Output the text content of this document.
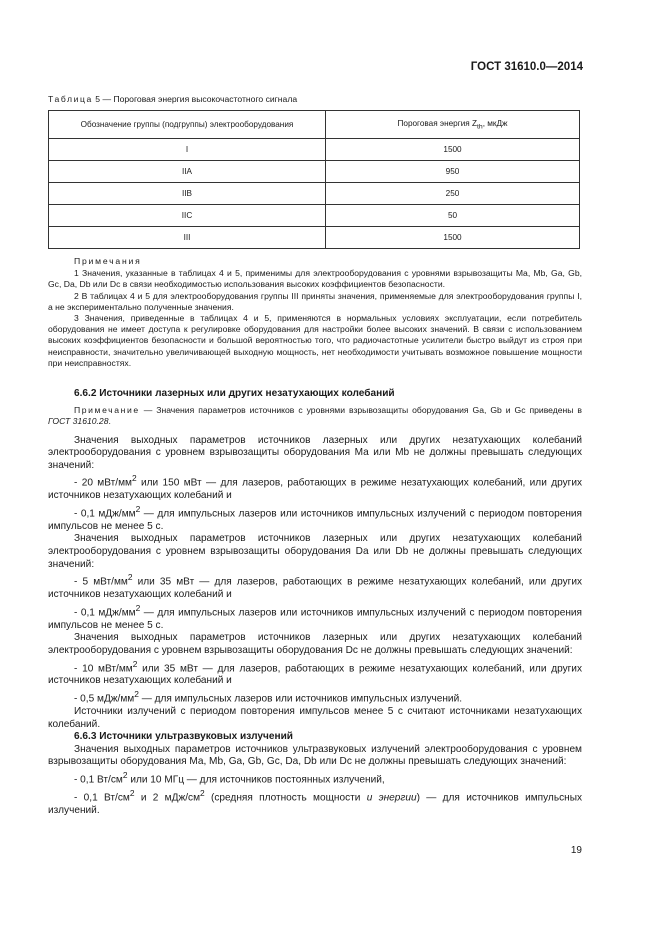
ГОСТ 31610.0—2014
Таблица 5 — Пороговая энергия высокочастотного сигнала
Обозначение группы (подгруппы) электрооборудования	Пороговая энергия $Z_{th}$, мкДж
I	1500
IIA	950
IIB	250
IIC	50
III	1500
Примечания

1 Значения, указанные в таблицах 4 и 5, применимы для электрооборудования с уровнями взрывозащиты Ma, Mb, Ga, Gb, Gc, Da, Db или Dc в связи необходимостью использования высоких коэффициентов безопасности.

2 В таблицах 4 и 5 для электрооборудования группы III приняты значения, применяемые для электрооборудования группы I, а не экспериментально полученные значения.

3 Значения, приведенные в таблицах 4 и 5, применяются в нормальных условиях эксплуатации, если потребитель оборудования не имеет доступа к регулировке оборудования для настройки более высоких значений. В связи с использованием высоких коэффициентов безопасности и большой вероятностью того, что радиочастотные усилители быстро выйдут из строя при неисправности, значительно увеличивающей выходную мощность, нет необходимости учитывать возможное повышение мощности при неисправностях.

6.6.2 Источники лазерных или других незатухающих колебаний

Примечание — Значения параметров источников с уровнями взрывозащиты оборудования Ga, Gb и Gc приведены в ГОСТ 31610.28.

Значения выходных параметров источников лазерных или других незатухающих колебаний электрооборудования с уровнем взрывозащиты оборудования Ma или Mb не должны превышать следующих значений:

- 20 мВт/$мм^2$ или 150 мВт — для лазеров, работающих в режиме незатухающих колебаний, или других источников незатухающих колебаний и

- 0,1 мДж/$мм^2$ — для импульсных лазеров или источников импульсных излучений с периодом повторения импульсов не менее 5 с.

Значения выходных параметров источников лазерных или других незатухающих колебаний электрооборудования с уровнем взрывозащиты оборудования Da или Db не должны превышать следующих значений:

- 5 мВт/$мм^2$ или 35 мВт — для лазеров, работающих в режиме незатухающих колебаний, или других источников незатухающих колебаний и

- 0,1 мДж/$мм^2$ — для импульсных лазеров или источников импульсных излучений с периодом повторения импульсов не менее 5 с.

Значения выходных параметров источников лазерных или других незатухающих колебаний электрооборудования с уровнем взрывозащиты оборудования Dc не должны превышать следующих значений:

- 10 мВт/$мм^2$ или 35 мВт — для лазеров, работающих в режиме незатухающих колебаний, или других источников незатухающих колебаний и

- 0,5 мДж/$мм^2$ — для импульсных лазеров или источников импульсных излучений.

Источники излучений с периодом повторения импульсов менее 5 с считают источниками незатухающих колебаний.

6.6.3 Источники ультразвуковых излучений

Значения выходных параметров источников ультразвуковых излучений электрооборудования с уровнем взрывозащиты оборудования Ma, Mb, Ga, Gb, Gc, Da, Db или Dc не должны превышать следующих значений:

- 0,1 $Вт/см^2$ или 10 МГц — для источников постоянных излучений,

- 0,1 $Вт/см^2$ и 2 мДж/$см^2$ (средняя плотность мощности и энергии) — для источников импульсных излучений.

19
